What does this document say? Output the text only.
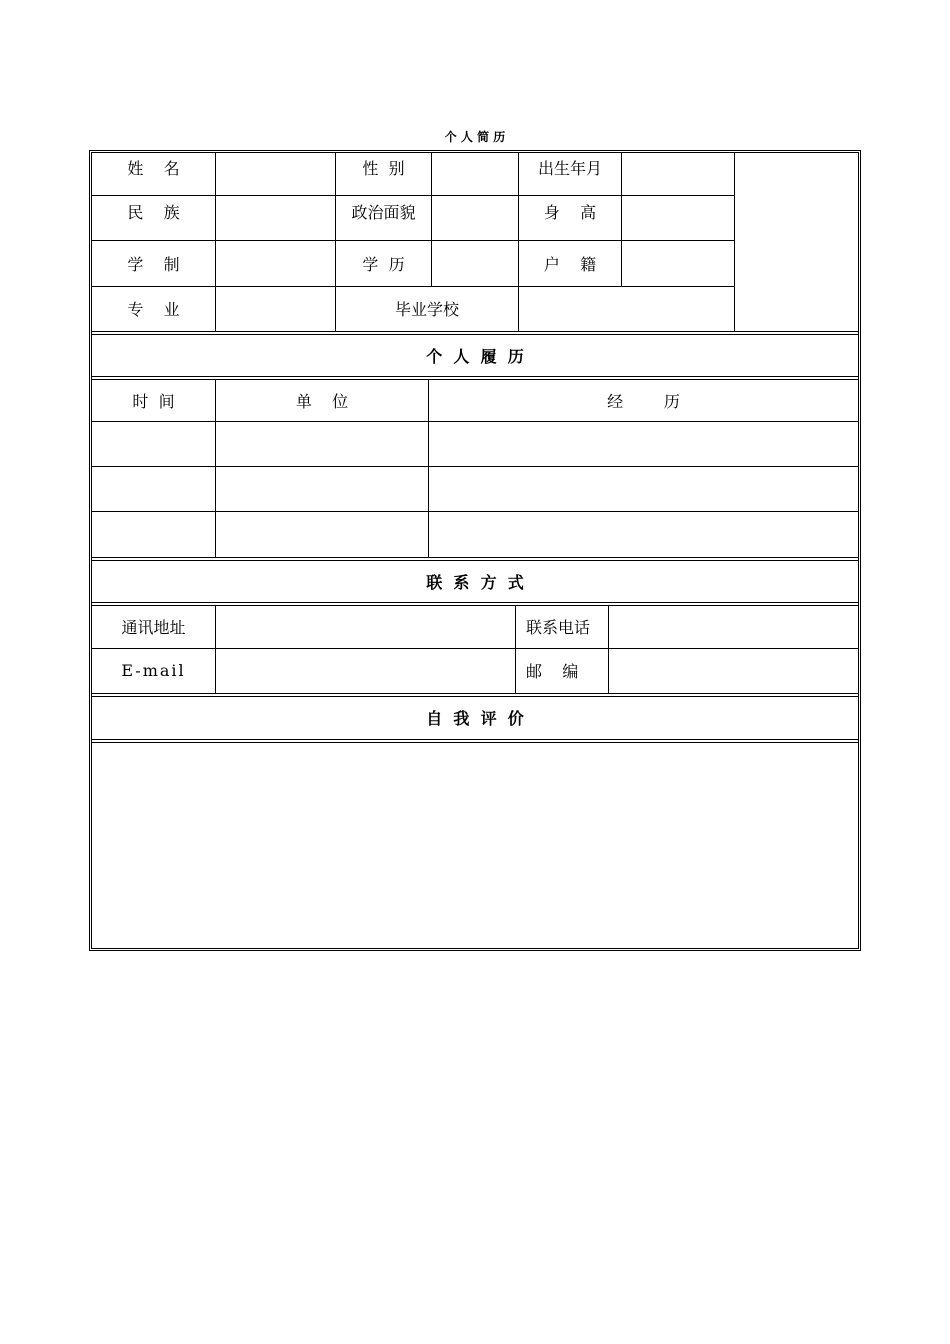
个 人 简 历
姓    名	性  别	出生年月
民    族	政治面貌	身    高
学    制	学  历	户    籍
专    业	毕业学校
个  人  履  历
时  间	单    位	经        历
联  系  方  式
通讯地址	联系电话
E-mail	邮    编
自  我  评  价
